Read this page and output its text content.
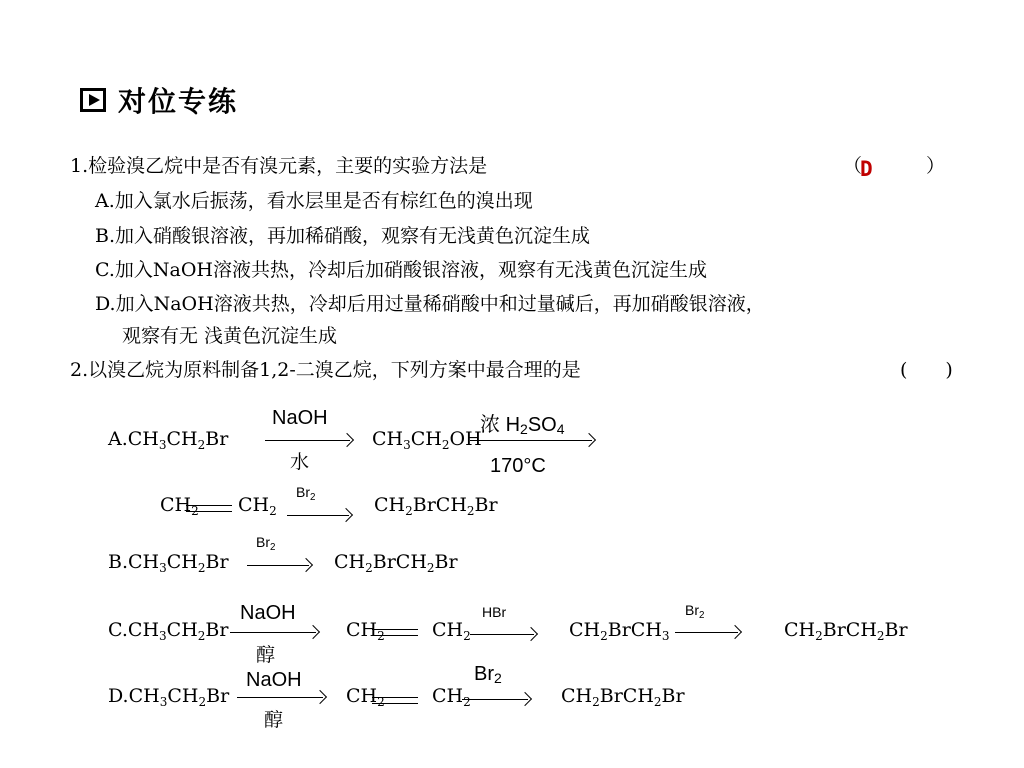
对位专练
1.检验溴乙烷中是否有溴元素，主要的实验方法是	（
D	）
A.加入氯水后振荡，看水层里是否有棕红色的溴出现
B.加入硝酸银溶液，再加稀硝酸，观察有无浅黄色沉淀生成
C.加入NaOH溶液共热，冷却后加硝酸银溶液，观察有无浅黄色沉淀生成
D.加入NaOH溶液共热，冷却后用过量稀硝酸中和过量碱后，再加硝酸银溶液，
观察有无 浅黄色沉淀生成
2.以溴乙烷为原料制备1,2-二溴乙烷，下列方案中最合理的是	(　　)
$A.CH_3CH_2Br$
NaOH
水
$CH_3CH_2OH$
浓 $H_2SO_4$
170°C
$CH_2$ $CH_2$
$Br_2$	$CH_2BrCH_2Br$
$B.CH_3CH_2Br$
$Br_2$
$CH_2BrCH_2Br$
$C.CH_3CH_2Br$
NaOH
醇
$CH_2$ $CH_2$
HBr
$CH_2BrCH_3$
$Br_2$
$CH_2BrCH_2Br$
$D.CH_3CH_2Br$
NaOH
醇
$CH_2$ $CH_2$
$Br_2$
$CH_2BrCH_2Br$
